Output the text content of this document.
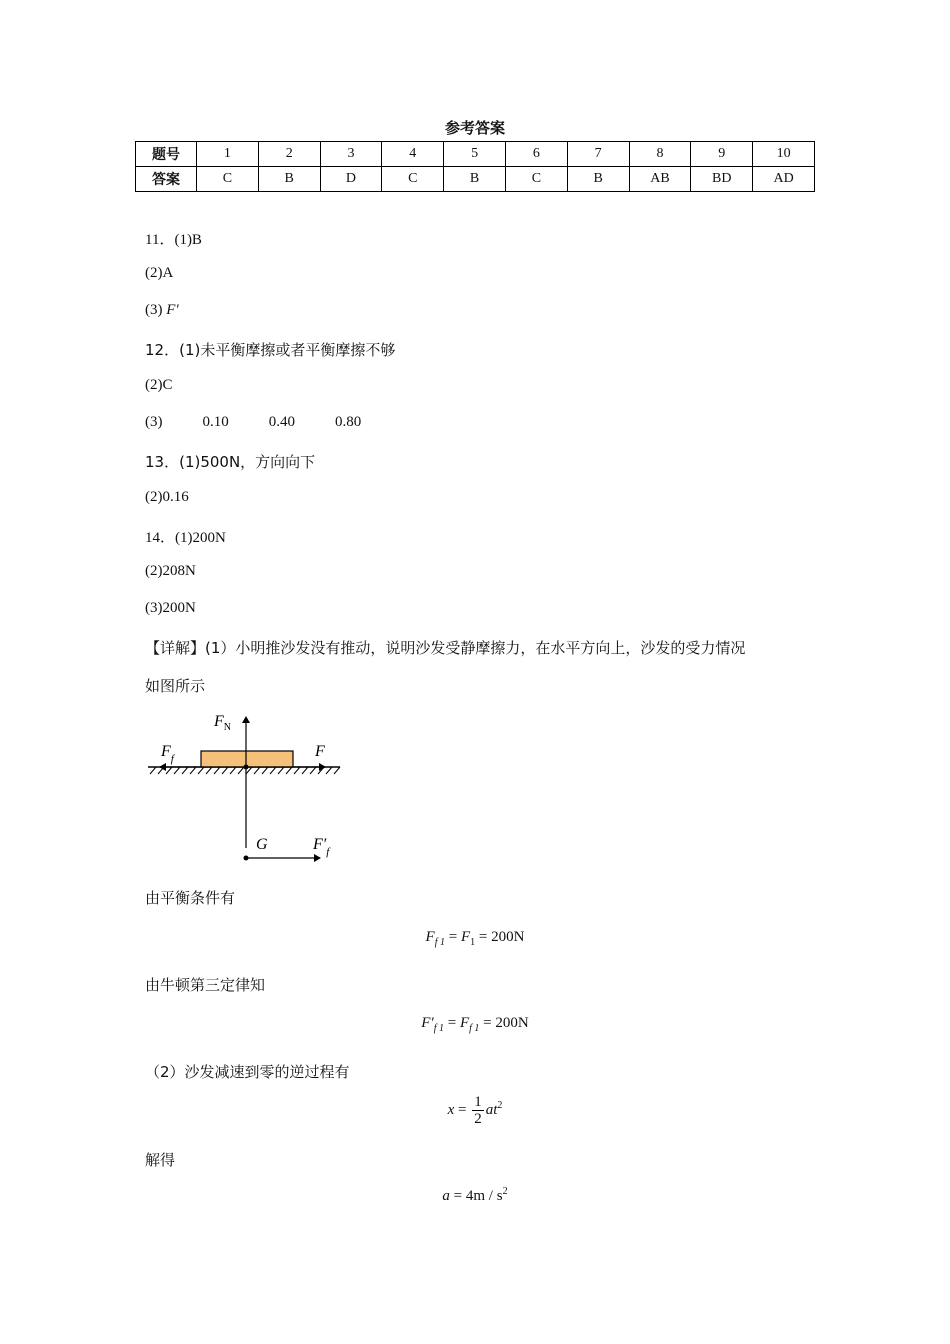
参考答案
题号	1	2	3	4	5	6	7	8	9	10
答案	C	B	D	C	B	C	B	AB	BD	AD
11．(1)B
(2)A
(3) F′
12．(1)未平衡摩擦或者平衡摩擦不够
(2)C
(3)	0.10	0.40	0.80
13．(1)500N，方向向下
(2)0.16
14．(1)200N
(2)208N
(3)200N
【详解】(1）小明推沙发没有推动，说明沙发受静摩擦力，在水平方向上，沙发的受力情况
如图所示
$F_N$
$F_f$	F
G	$F'_f$
由平衡条件有
$F_{f 1} = F_1 = 200N$
由牛顿第三定律知
$F'_{f 1} = F_{f 1} = 200N$
（2）沙发减速到零的逆过程有
$x = \frac{1}{2} at^2$
解得
$a = 4m / s^2$
